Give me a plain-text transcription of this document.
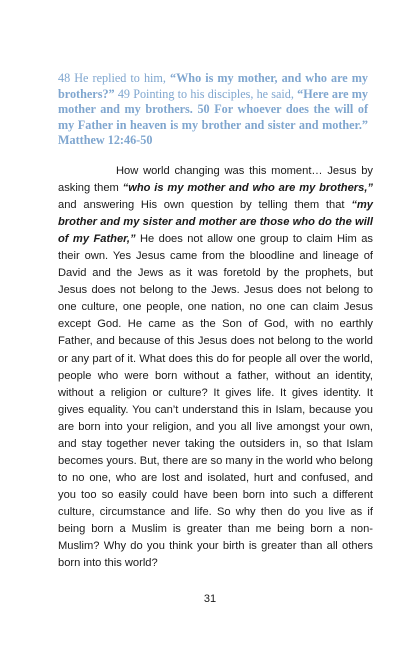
48 He replied to him, “Who is my mother, and who are my brothers?” 49 Pointing to his disciples, he said, “Here are my mother and my brothers. 50 For whoever does the will of my Father in heaven is my brother and sister and mother.” Matthew 12:46-50

How world changing was this moment… Jesus by asking them “who is my mother and who are my brothers,” and answering His own question by telling them that “my brother and my sister and mother are those who do the will of my Father,” He does not allow one group to claim Him as their own. Yes Jesus came from the bloodline and lineage of David and the Jews as it was foretold by the prophets, but Jesus does not belong to the Jews. Jesus does not belong to one culture, one people, one nation, no one can claim Jesus except God. He came as the Son of God, with no earthly Father, and because of this Jesus does not belong to the world or any part of it. What does this do for people all over the world, people who were born without a father, without an identity, without a religion or culture? It gives life. It gives identity. It gives equality. You can’t understand this in Islam, because you are born into your religion, and you all live amongst your own, and stay together never taking the outsiders in, so that Islam becomes yours. But, there are so many in the world who belong to no one, who are lost and isolated, hurt and confused, and you too so easily could have been born into such a different culture, circumstance and life. So why then do you live as if being born a Muslim is greater than me being born a non-Muslim? Why do you think your birth is greater than all others born into this world?

31
